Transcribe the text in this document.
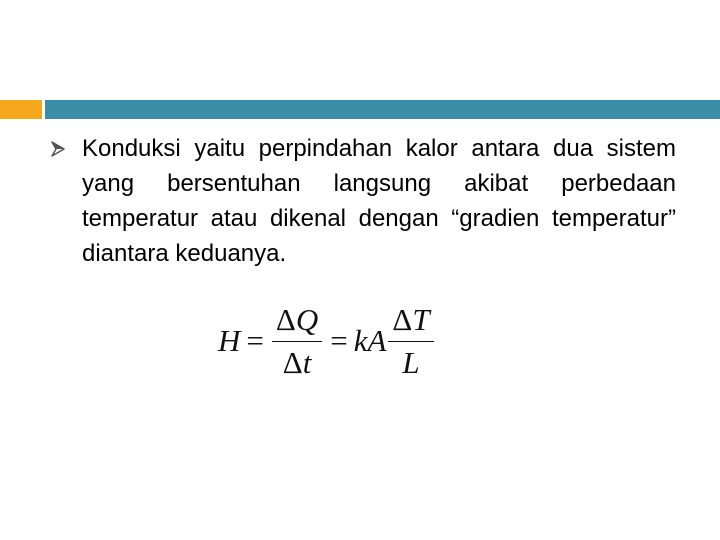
Konduksi yaitu perpindahan kalor antara dua sistem yang bersentuhan langsung akibat perbedaan temperatur atau dikenal dengan “gradien temperatur” diantara keduanya.

$H = \frac{\Delta Q}{\Delta t}$ = kA $\frac{\Delta T}{L}$
